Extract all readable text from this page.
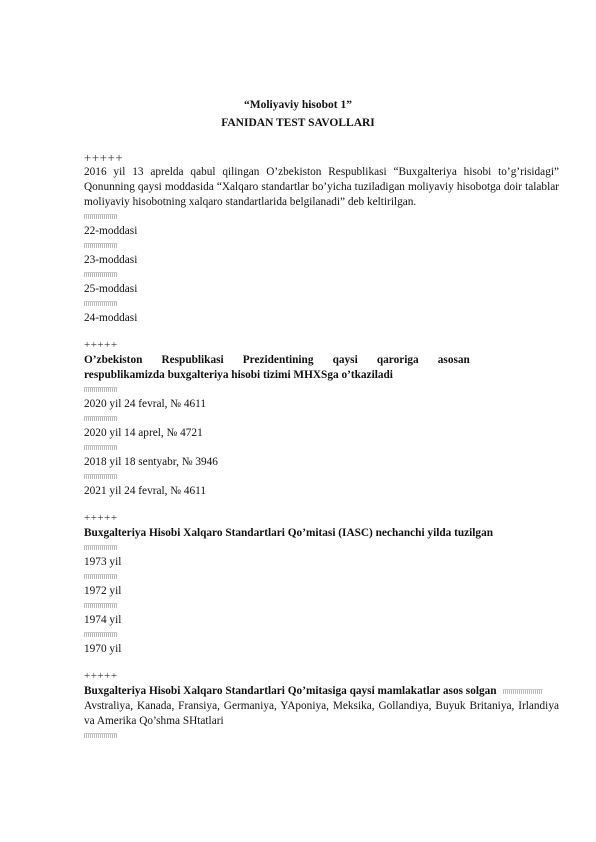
“Moliyaviy hisobot 1”
FANIDAN TEST SAVOLLARI
+++++

2016 yil 13 aprelda qabul qilingan O’zbekiston Respublikasi “Buxgalteriya hisobi to’g’risidagi” Qonunning qaysi moddasida “Xalqaro standartlar bo’yicha tuziladigan moliyaviy hisobotga doir talablar moliyaviy hisobotning xalqaro standartlarida belgilanadi” deb keltirilgan.

22-moddasi

23-moddasi

25-moddasi

24-moddasi

+++++
O’zbekiston Respublikasi Prezidentining qaysi qaroriga asosan

respublikamizda buxgalteriya hisobi tizimi MHXSga o’tkaziladi

2020 yil 24 fevral, № 4611

2020 yil 14 aprel, № 4721

2018 yil 18 sentyabr, № 3946

2021 yil 24 fevral, № 4611

+++++

Buxgalteriya Hisobi Xalqaro Standartlari Qo’mitasi (IASC) nechanchi yilda tuzilgan

1973 yil

1972 yil

1974 yil

1970 yil

+++++

Buxgalteriya Hisobi Xalqaro Standartlari Qo’mitasiga qaysi mamlakatlar asos solgan

Avstraliya, Kanada, Fransiya, Germaniya, YAponiya, Meksika, Gollandiya, Buyuk Britaniya, Irlandiya va Amerika Qo’shma SHtatlari
